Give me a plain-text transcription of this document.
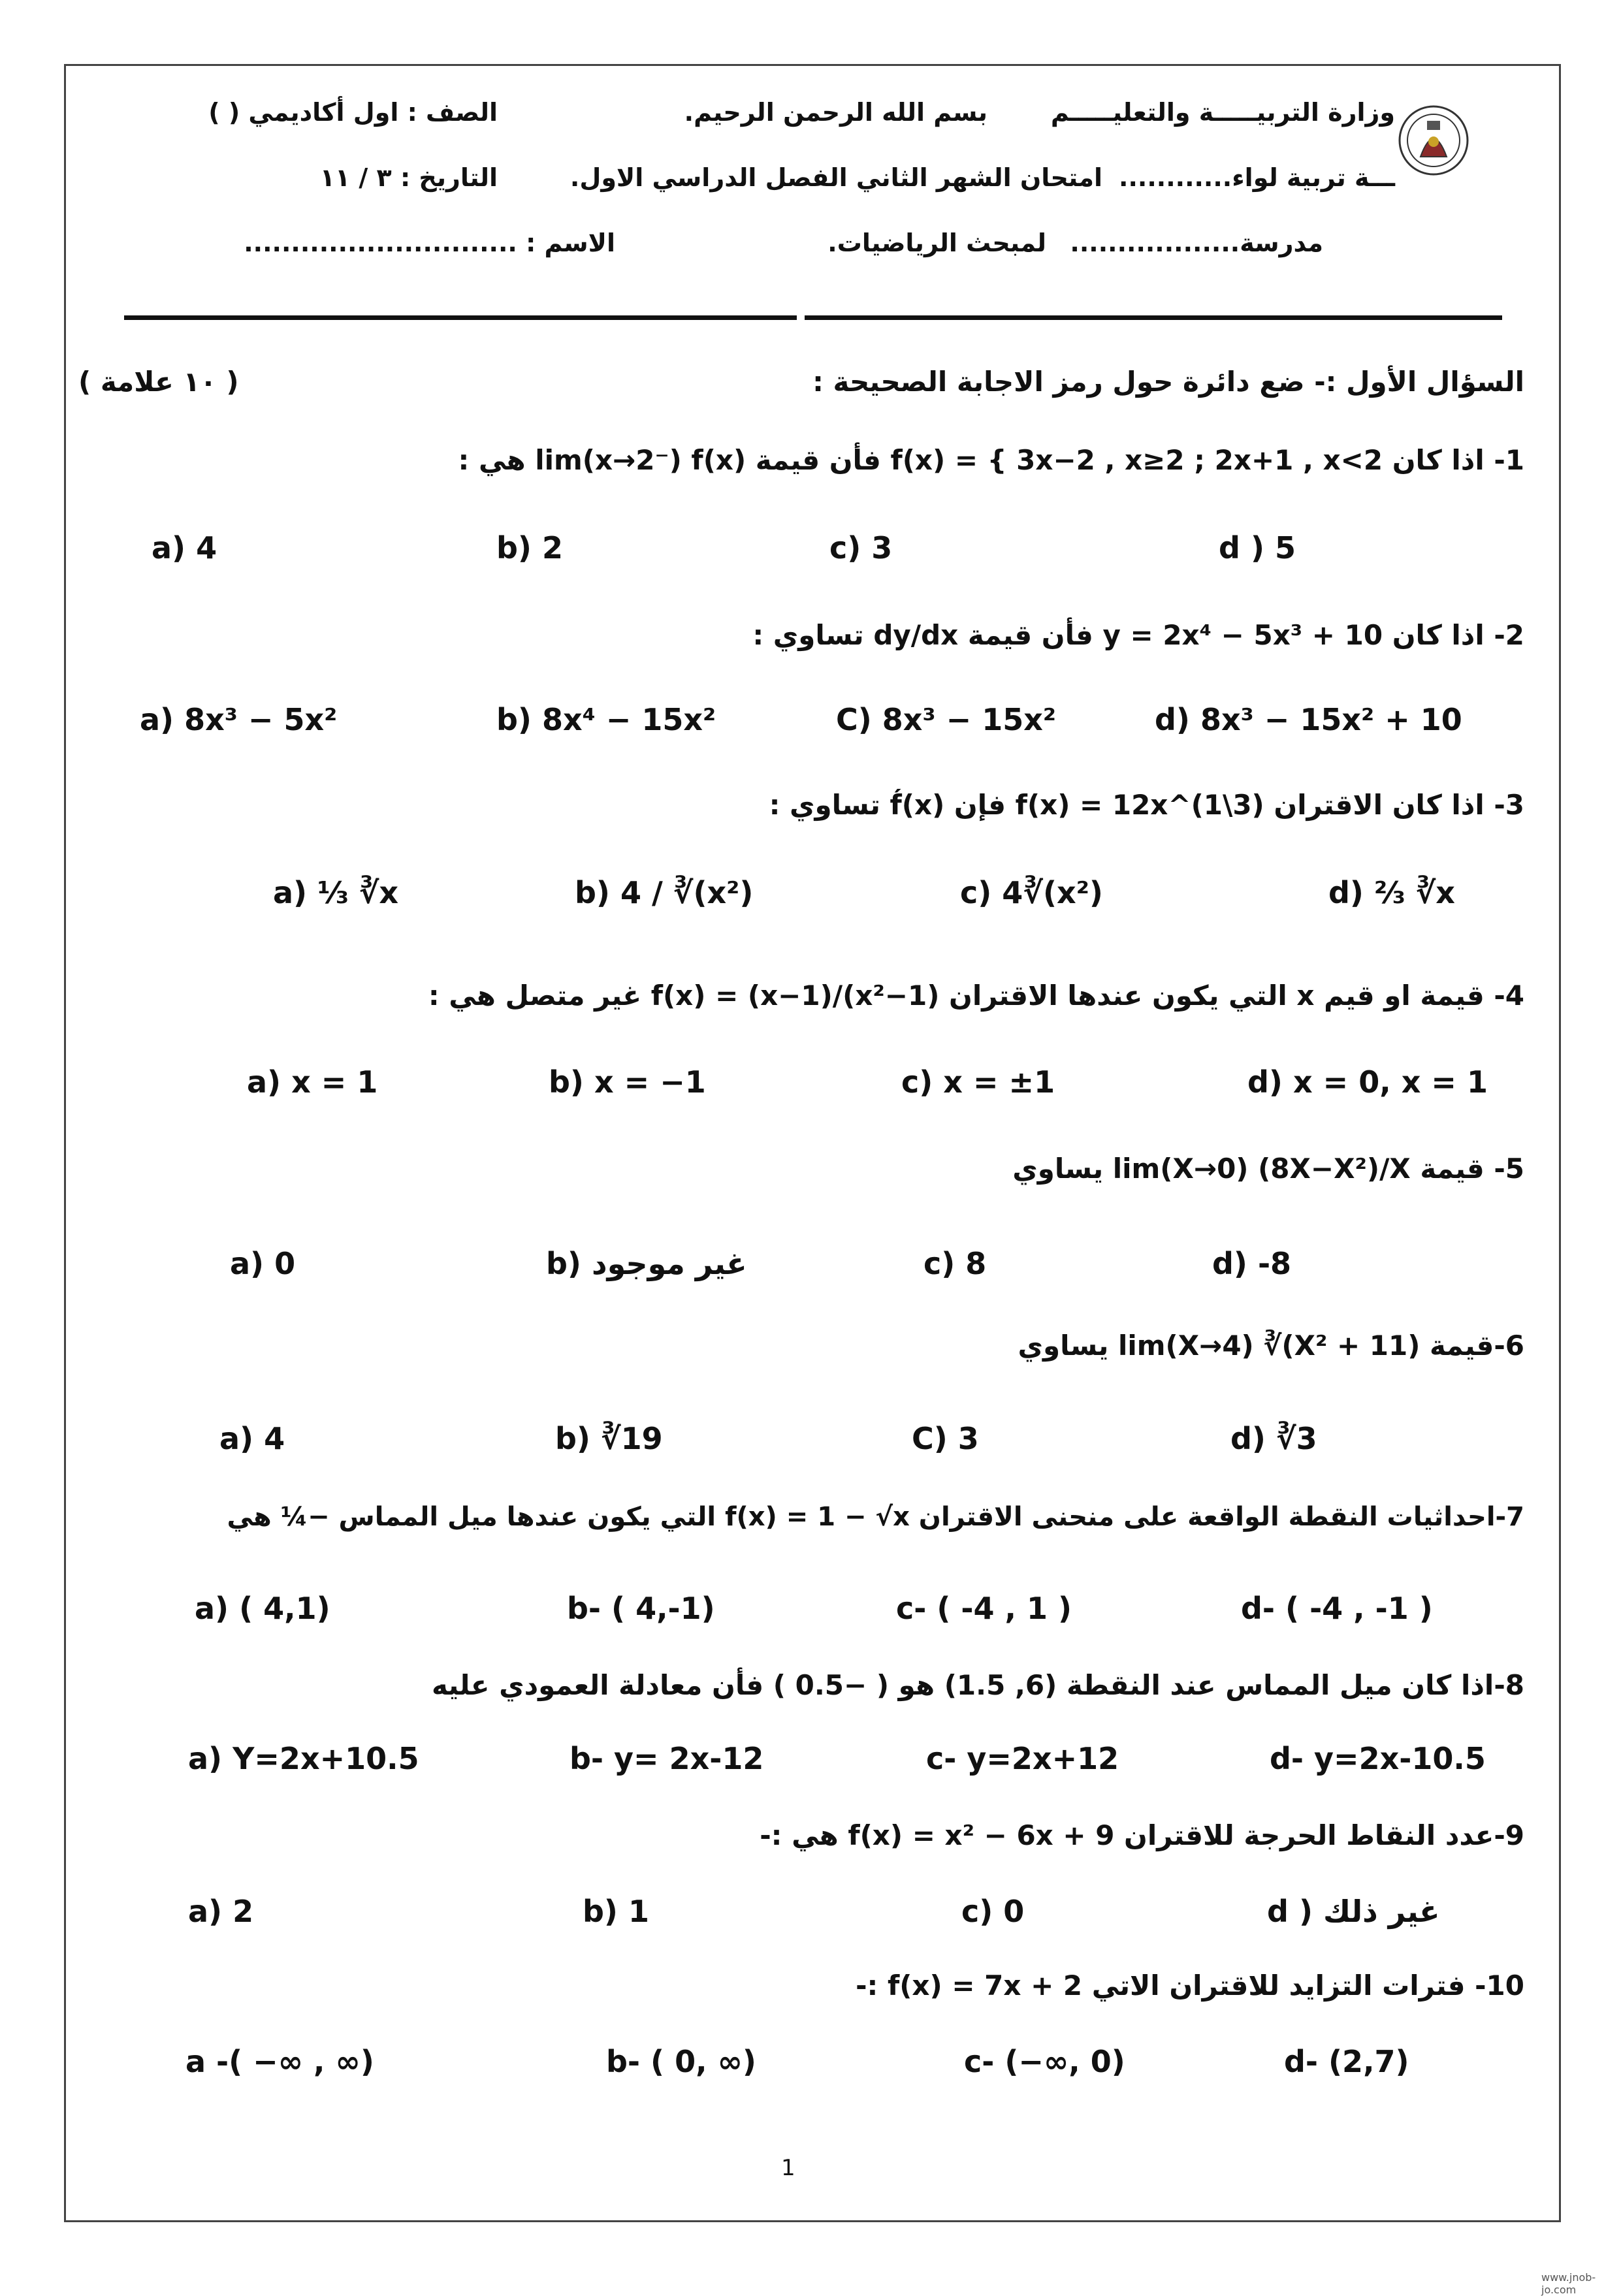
وزارة التربيـــــة والتعليـــــم
بسم الله الرحمن الرحيم.
الصف : اول أكاديمي ( )
ـــة تربية لواء............
امتحان الشهر الثاني الفصل الدراسي الاول.
التاريخ : ٣ / ١١
مدرسة..................
لمبحث الرياضيات.
الاسم : .............................
السؤال الأول :- ضع دائرة حول رمز الاجابة الصحيحة :
( ١٠ علامة )
1- اذا كان f(x) = { 3x−2 , x≥2 ; 2x+1 , x<2 فأن قيمة lim(x→2⁻) f(x) هي :
a) 4	b) 2	c) 3	d ) 5
2- اذا كان y = 2x⁴ − 5x³ + 10 فأن قيمة dy/dx تساوي :
a) 8x³ − 5x²	b) 8x⁴ − 15x²	C) 8x³ − 15x²	d) 8x³ − 15x² + 10
3- اذا كان الاقتران f(x) = 12x^(1\3) فإن f́(x) تساوي :
a) ⅓ ∛x	b) 4 / ∛(x²)	c) 4∛(x²)	d) ⅔ ∛x
4- قيمة او قيم x التي يكون عندها الاقتران f(x) = (x−1)/(x²−1) غير متصل هي :
a) x = 1	b) x = −1	c) x = ±1	d) x = 0, x = 1
5- قيمة lim(X→0) (8X−X²)/X يساوي
a) 0	b) غير موجود	c) 8	d) -8
6-قيمة lim(X→4) ∛(X² + 11) يساوي
a) 4	b) ∛19	C) 3	d) ∛3
7-احداثيات النقطة الواقعة على منحنى الاقتران f(x) = 1 − √x التي يكون عندها ميل المماس −¼ هي
a) ( 4,1)	b- ( 4,-1)	c- ( -4 , 1 )	d- ( -4 , -1 )
8-اذا كان ميل المماس عند النقطة (6, 1.5) هو ( −0.5 ) فأن معادلة العمودي عليه
a) Y=2x+10.5	b- y= 2x-12	c- y=2x+12	d- y=2x-10.5
9-عدد النقاط الحرجة للاقتران f(x) = x² − 6x + 9 هي :-
a) 2	b) 1	c) 0	d ) غير ذلك
10- فترات التزايد للاقتران الاتي f(x) = 7x + 2 :-
a -( −∞ , ∞)	b- ( 0, ∞)	c- (−∞, 0)	d- (2,7)
1
www.jnob-jo.com
